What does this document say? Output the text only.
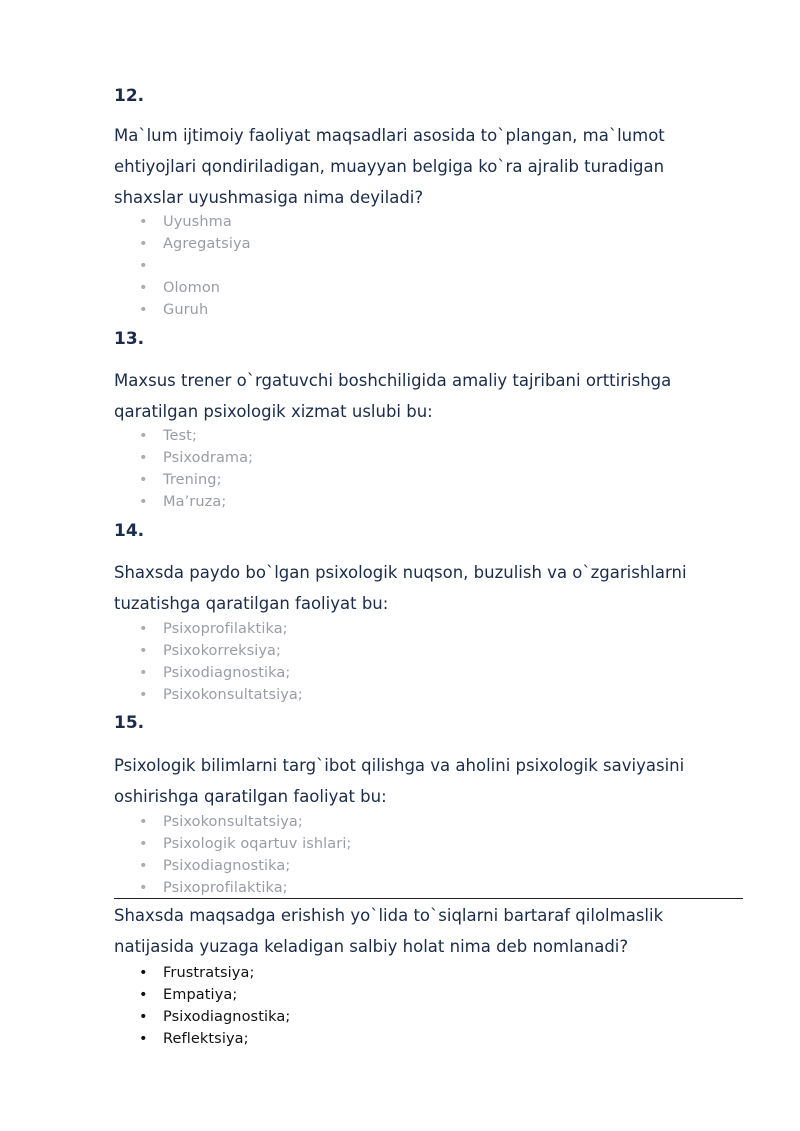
12.

Ma`lum ijtimoiy faoliyat maqsadlari asosida to`plangan, ma`lumot ehtiyojlari qondiriladigan, muayyan belgiga ko`ra ajralib turadigan shaxslar uyushmasiga nima deyiladi?

• Uyushma
• Agregatsiya
•
• Olomon
• Guruh
13.

Maxsus trener o`rgatuvchi boshchiligida amaliy tajribani orttirishga qaratilgan psixologik xizmat uslubi bu:

• Test;
• Psixodrama;
• Trening;
• Ma’ruza;
14.

Shaxsda paydo bo`lgan psixologik nuqson, buzulish va o`zgarishlarni tuzatishga qaratilgan faoliyat bu:

• Psixoprofilaktika;
• Psixokorreksiya;
• Psixodiagnostika;
• Psixokonsultatsiya;
15.

Psixologik bilimlarni targ`ibot qilishga va aholini psixologik saviyasini oshirishga qaratilgan faoliyat bu:

• Psixokonsultatsiya;
• Psixologik oqartuv ishlari;
• Psixodiagnostika;
• Psixoprofilaktika;

Shaxsda maqsadga erishish yo`lida to`siqlarni bartaraf qilolmaslik natijasida yuzaga keladigan salbiy holat nima deb nomlanadi?

• Frustratsiya;
• Empatiya;
• Psixodiagnostika;
• Reflektsiya;
